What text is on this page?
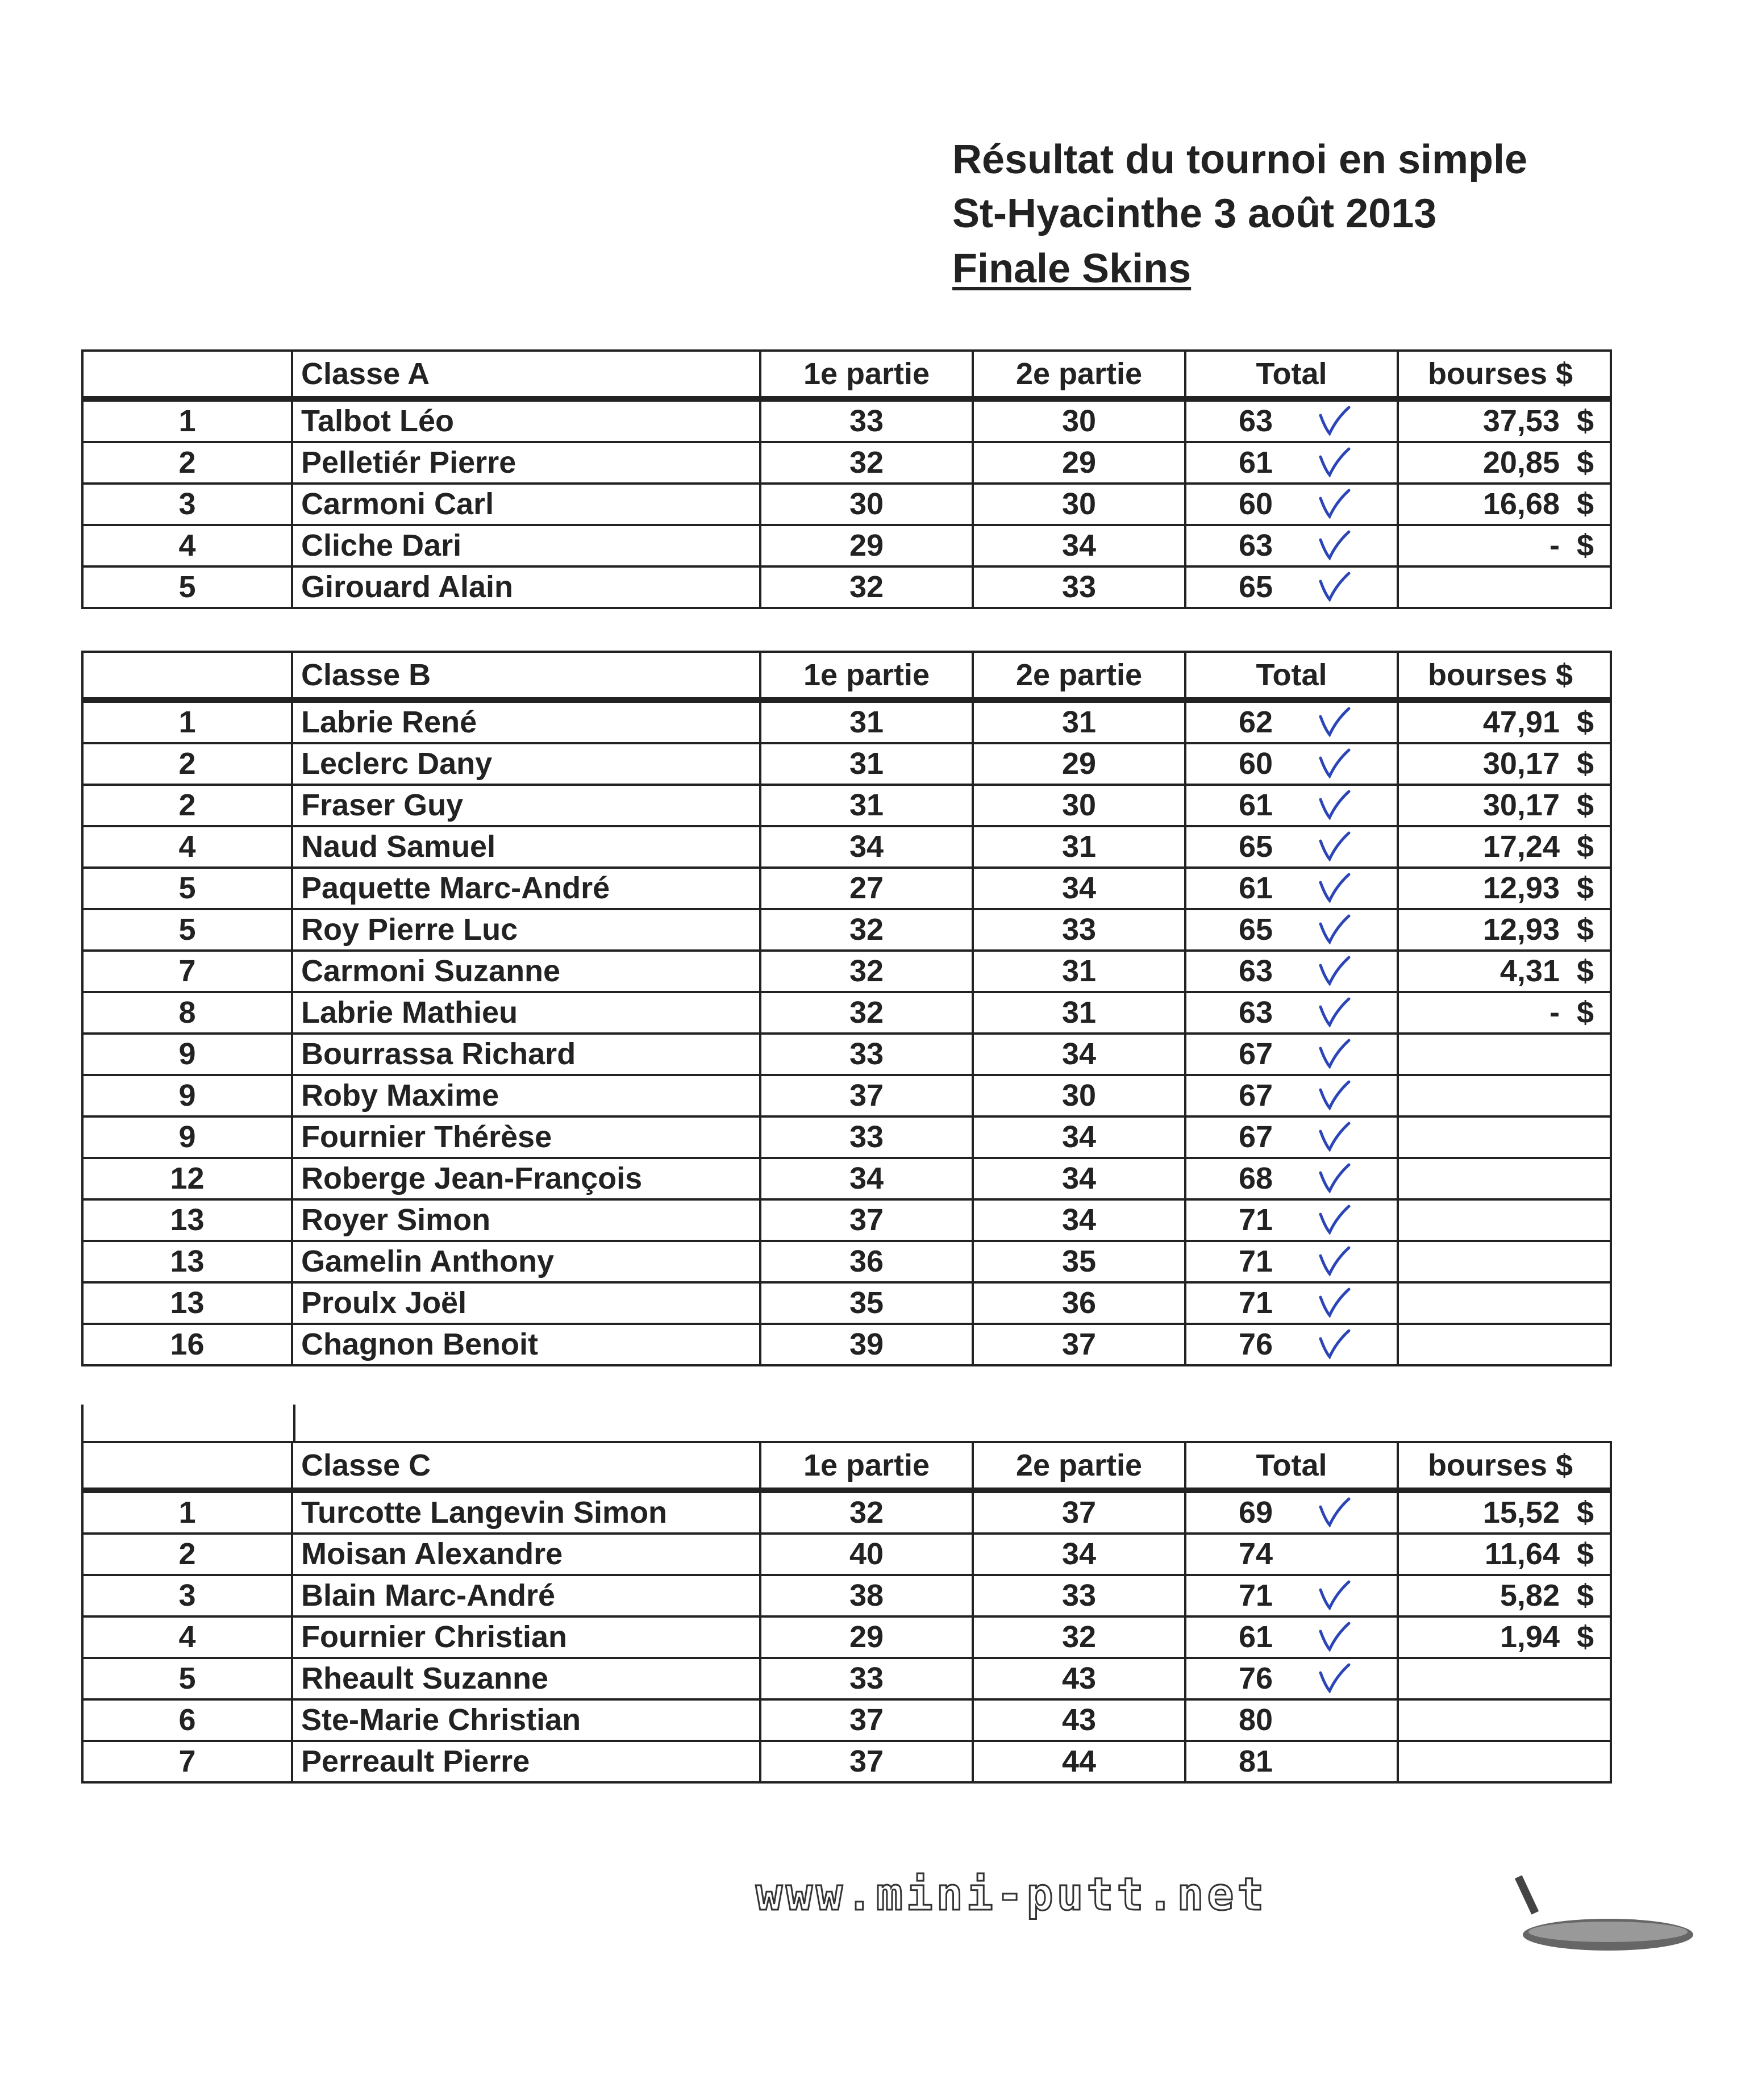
Résultat du tournoi en simple
St-Hyacinthe 3 août 2013
Finale Skins
	Classe A	1e partie	2e partie	Total	bourses $
1	Talbot Léo	33	30	63	37,53 $
2	Pelletiér Pierre	32	29	61	20,85 $
3	Carmoni Carl	30	30	60	16,68 $
4	Cliche Dari	29	34	63	- $
5	Girouard Alain	32	33	65

	Classe B	1e partie	2e partie	Total	bourses $
1	Labrie René	31	31	62	47,91 $
2	Leclerc Dany	31	29	60	30,17 $
2	Fraser Guy	31	30	61	30,17 $
4	Naud Samuel	34	31	65	17,24 $
5	Paquette Marc-André	27	34	61	12,93 $
5	Roy Pierre Luc	32	33	65	12,93 $
7	Carmoni Suzanne	32	31	63	4,31 $
8	Labrie Mathieu	32	31	63	- $
9	Bourrassa Richard	33	34	67

9	Roby Maxime	37	30	67

9	Fournier Thérèse	33	34	67

12	Roberge Jean-François	34	34	68

13	Royer Simon	37	34	71

13	Gamelin Anthony	36	35	71

13	Proulx Joël	35	36	71

16	Chagnon Benoit	39	37	76

	Classe C	1e partie	2e partie	Total	bourses $
1	Turcotte Langevin Simon	32	37	69	15,52 $
2	Moisan Alexandre	40	34	74	11,64 $
3	Blain Marc-André	38	33	71	5,82 $
4	Fournier Christian	29	32	61	1,94 $
5	Rheault Suzanne	33	43	76

6	Ste-Marie Christian	37	43	80	
7	Perreault Pierre	37	44	81	
www.mini-putt.net
